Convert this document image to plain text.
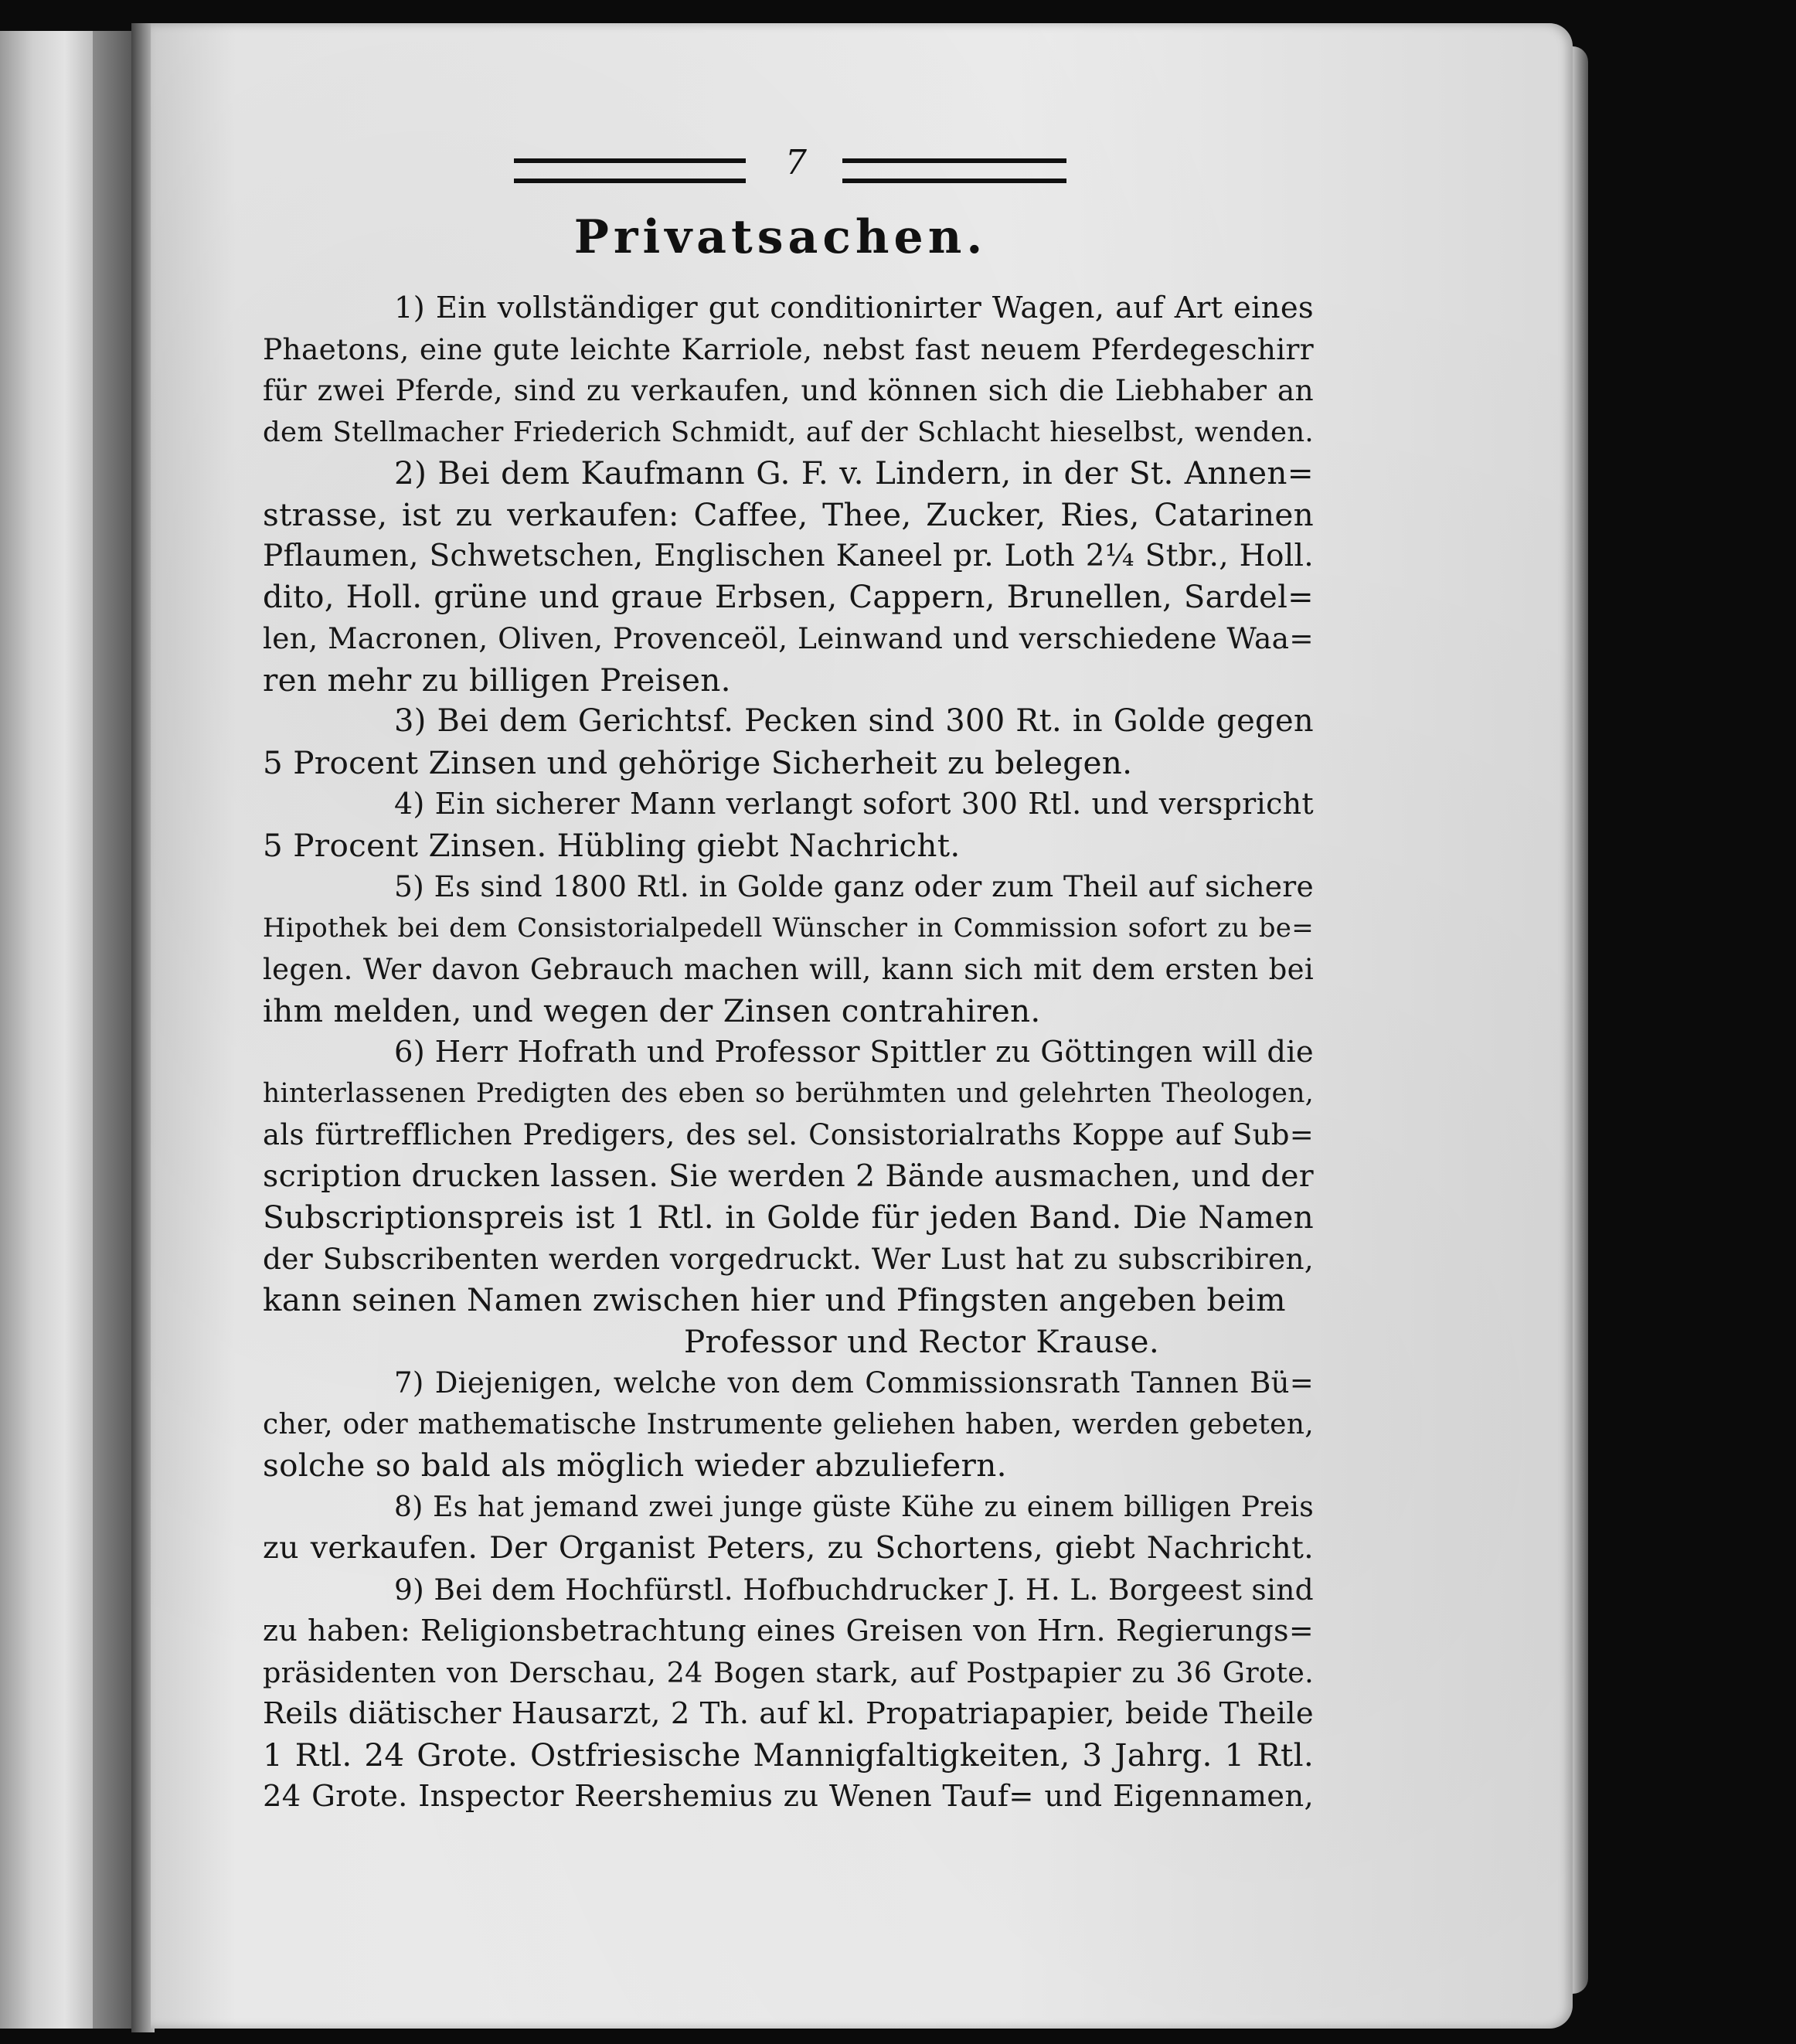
7
Privatsachen.

1) Ein vollständiger gut conditionirter Wagen, auf Art eines
Phaetons, eine gute leichte Karriole, nebst fast neuem Pferdegeschirr
für zwei Pferde, sind zu verkaufen, und können sich die Liebhaber an
dem Stellmacher Friederich Schmidt, auf der Schlacht hieselbst, wenden.

2) Bei dem Kaufmann G. F. v. Lindern, in der St. Annen=
strasse, ist zu verkaufen: Caffee, Thee, Zucker, Ries, Catarinen
Pflaumen, Schwetschen, Englischen Kaneel pr. Loth 2¼ Stbr., Holl.
dito, Holl. grüne und graue Erbsen, Cappern, Brunellen, Sardel=
len, Macronen, Oliven, Provenceöl, Leinwand und verschiedene Waa=
ren mehr zu billigen Preisen.

3) Bei dem Gerichtsf. Pecken sind 300 Rt. in Golde gegen
5 Procent Zinsen und gehörige Sicherheit zu belegen.

4) Ein sicherer Mann verlangt sofort 300 Rtl. und verspricht
5 Procent Zinsen. Hübling giebt Nachricht.

5) Es sind 1800 Rtl. in Golde ganz oder zum Theil auf sichere
Hipothek bei dem Consistorialpedell Wünscher in Commission sofort zu be=
legen. Wer davon Gebrauch machen will, kann sich mit dem ersten bei
ihm melden, und wegen der Zinsen contrahiren.

6) Herr Hofrath und Professor Spittler zu Göttingen will die
hinterlassenen Predigten des eben so berühmten und gelehrten Theologen,
als fürtrefflichen Predigers, des sel. Consistorialraths Koppe auf Sub=
scription drucken lassen. Sie werden 2 Bände ausmachen, und der
Subscriptionspreis ist 1 Rtl. in Golde für jeden Band. Die Namen
der Subscribenten werden vorgedruckt. Wer Lust hat zu subscribiren,
kann seinen Namen zwischen hier und Pfingsten angeben beim
Professor und Rector Krause.

7) Diejenigen, welche von dem Commissionsrath Tannen Bü=
cher, oder mathematische Instrumente geliehen haben, werden gebeten,
solche so bald als möglich wieder abzuliefern.

8) Es hat jemand zwei junge güste Kühe zu einem billigen Preis
zu verkaufen. Der Organist Peters, zu Schortens, giebt Nachricht.

9) Bei dem Hochfürstl. Hofbuchdrucker J. H. L. Borgeest sind
zu haben: Religionsbetrachtung eines Greisen von Hrn. Regierungs=
präsidenten von Derschau, 24 Bogen stark, auf Postpapier zu 36 Grote.
Reils diätischer Hausarzt, 2 Th. auf kl. Propatriapapier, beide Theile
1 Rtl. 24 Grote. Ostfriesische Mannigfaltigkeiten, 3 Jahrg. 1 Rtl.
24 Grote. Inspector Reershemius zu Wenen Tauf= und Eigennamen,
